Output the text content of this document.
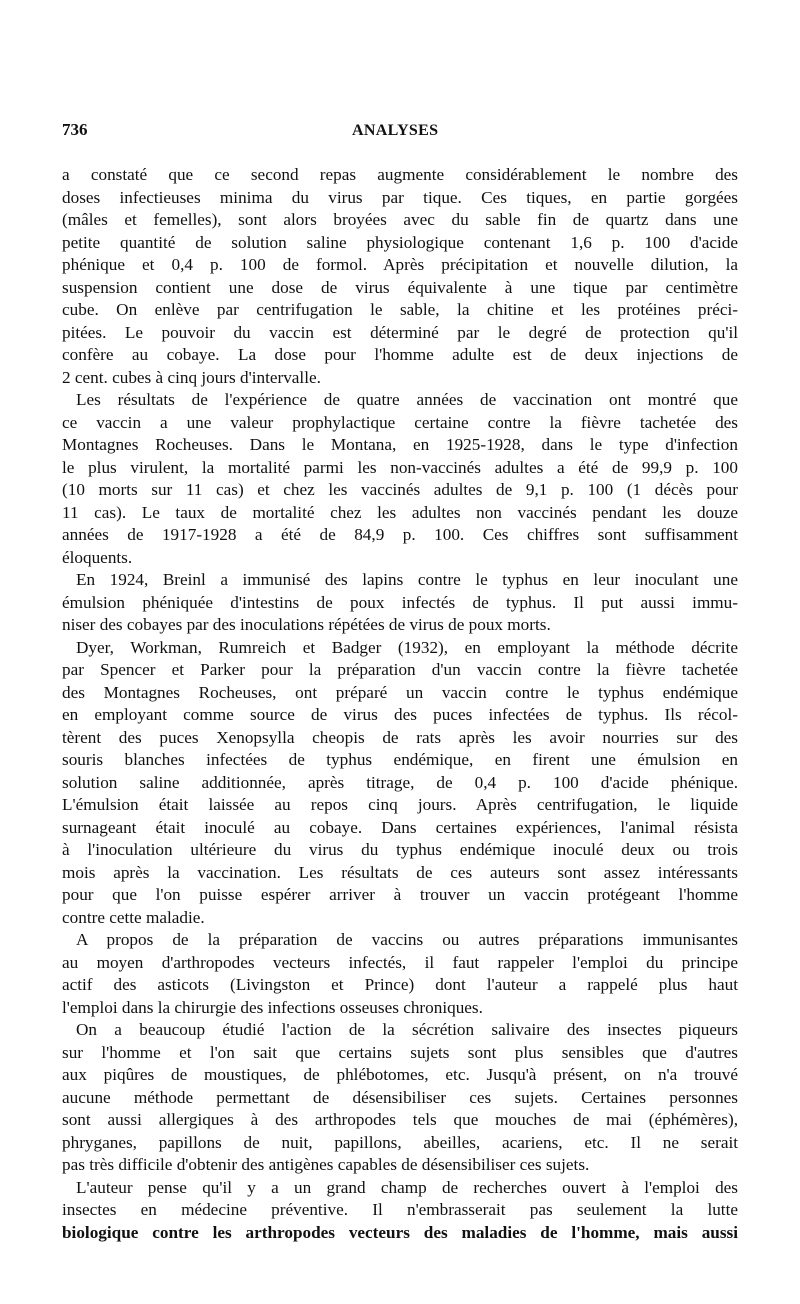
736	ANALYSES
a constaté que ce second repas augmente considérablement le nombre des
doses infectieuses minima du virus par tique. Ces tiques, en partie gorgées
(mâles et femelles), sont alors broyées avec du sable fin de quartz dans une
petite quantité de solution saline physiologique contenant 1,6 p. 100 d'acide
phénique et 0,4 p. 100 de formol. Après précipitation et nouvelle dilution, la
suspension contient une dose de virus équivalente à une tique par centimètre
cube. On enlève par centrifugation le sable, la chitine et les protéines préci-
pitées. Le pouvoir du vaccin est déterminé par le degré de protection qu'il
confère au cobaye. La dose pour l'homme adulte est de deux injections de
2 cent. cubes à cinq jours d'intervalle.
Les résultats de l'expérience de quatre années de vaccination ont montré que
ce vaccin a une valeur prophylactique certaine contre la fièvre tachetée des
Montagnes Rocheuses. Dans le Montana, en 1925-1928, dans le type d'infection
le plus virulent, la mortalité parmi les non-vaccinés adultes a été de 99,9 p. 100
(10 morts sur 11 cas) et chez les vaccinés adultes de 9,1 p. 100 (1 décès pour
11 cas). Le taux de mortalité chez les adultes non vaccinés pendant les douze
années de 1917-1928 a été de 84,9 p. 100. Ces chiffres sont suffisamment
éloquents.
En 1924, Breinl a immunisé des lapins contre le typhus en leur inoculant une
émulsion phéniquée d'intestins de poux infectés de typhus. Il put aussi immu-
niser des cobayes par des inoculations répétées de virus de poux morts.
Dyer, Workman, Rumreich et Badger (1932), en employant la méthode décrite
par Spencer et Parker pour la préparation d'un vaccin contre la fièvre tachetée
des Montagnes Rocheuses, ont préparé un vaccin contre le typhus endémique
en employant comme source de virus des puces infectées de typhus. Ils récol-
tèrent des puces Xenopsylla cheopis de rats après les avoir nourries sur des
souris blanches infectées de typhus endémique, en firent une émulsion en
solution saline additionnée, après titrage, de 0,4 p. 100 d'acide phénique.
L'émulsion était laissée au repos cinq jours. Après centrifugation, le liquide
surnageant était inoculé au cobaye. Dans certaines expériences, l'animal résista
à l'inoculation ultérieure du virus du typhus endémique inoculé deux ou trois
mois après la vaccination. Les résultats de ces auteurs sont assez intéressants
pour que l'on puisse espérer arriver à trouver un vaccin protégeant l'homme
contre cette maladie.
A propos de la préparation de vaccins ou autres préparations immunisantes
au moyen d'arthropodes vecteurs infectés, il faut rappeler l'emploi du principe
actif des asticots (Livingston et Prince) dont l'auteur a rappelé plus haut
l'emploi dans la chirurgie des infections osseuses chroniques.
On a beaucoup étudié l'action de la sécrétion salivaire des insectes piqueurs
sur l'homme et l'on sait que certains sujets sont plus sensibles que d'autres
aux piqûres de moustiques, de phlébotomes, etc. Jusqu'à présent, on n'a trouvé
aucune méthode permettant de désensibiliser ces sujets. Certaines personnes
sont aussi allergiques à des arthropodes tels que mouches de mai (éphémères),
phryganes, papillons de nuit, papillons, abeilles, acariens, etc. Il ne serait
pas très difficile d'obtenir des antigènes capables de désensibiliser ces sujets.
L'auteur pense qu'il y a un grand champ de recherches ouvert à l'emploi des
insectes en médecine préventive. Il n'embrasserait pas seulement la lutte
biologique contre les arthropodes vecteurs des maladies de l'homme, mais aussi
